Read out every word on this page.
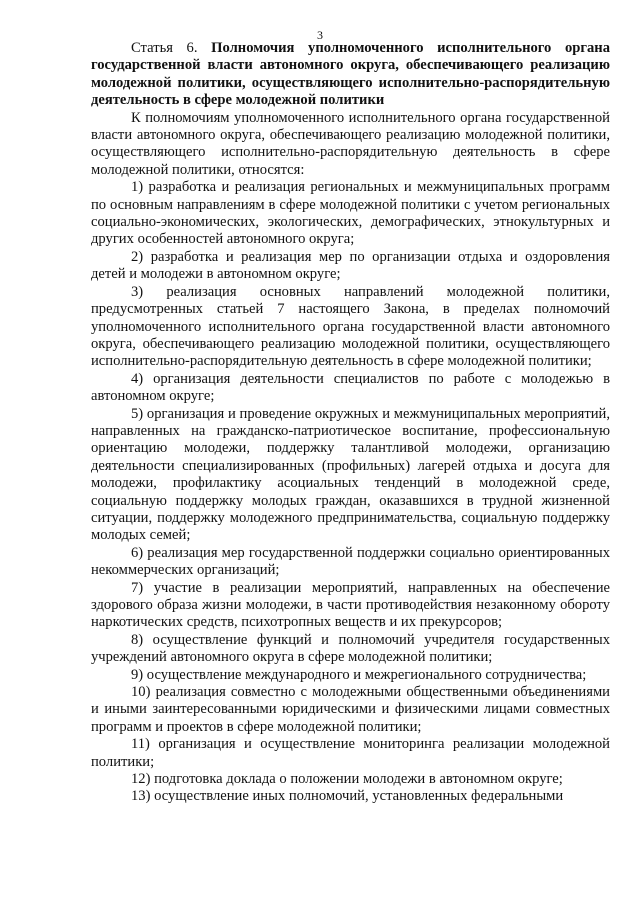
3

Статья 6. Полномочия уполномоченного исполнительного органа государственной власти автономного округа, обеспечивающего реализацию молодежной политики, осуществляющего исполнительно-распорядительную деятельность в сфере молодежной политики

К полномочиям уполномоченного исполнительного органа государственной власти автономного округа, обеспечивающего реализацию молодежной политики, осуществляющего исполнительно-распорядительную деятельность в сфере молодежной политики, относятся:

1) разработка и реализация региональных и межмуниципальных программ по основным направлениям в сфере молодежной политики с учетом региональных социально-экономических, экологических, демографических, этнокультурных и других особенностей автономного округа;

2) разработка и реализация мер по организации отдыха и оздоровления детей и молодежи в автономном округе;

3) реализация основных направлений молодежной политики, предусмотренных статьей 7 настоящего Закона, в пределах полномочий уполномоченного исполнительного органа государственной власти автономного округа, обеспечивающего реализацию молодежной политики, осуществляющего исполнительно-распорядительную деятельность в сфере молодежной политики;

4) организация деятельности специалистов по работе с молодежью в автономном округе;

5) организация и проведение окружных и межмуниципальных мероприятий, направленных на гражданско-патриотическое воспитание, профессиональную ориентацию молодежи, поддержку талантливой молодежи, организацию деятельности специализированных (профильных) лагерей отдыха и досуга для молодежи, профилактику асоциальных тенденций в молодежной среде, социальную поддержку молодых граждан, оказавшихся в трудной жизненной ситуации, поддержку молодежного предпринимательства, социальную поддержку молодых семей;

6) реализация мер государственной поддержки социально ориентированных некоммерческих организаций;

7) участие в реализации мероприятий, направленных на обеспечение здорового образа жизни молодежи, в части противодействия незаконному обороту наркотических средств, психотропных веществ и их прекурсоров;

8) осуществление функций и полномочий учредителя государственных учреждений автономного округа в сфере молодежной политики;

9) осуществление международного и межрегионального сотрудничества;

10) реализация совместно с молодежными общественными объединениями и иными заинтересованными юридическими и физическими лицами совместных программ и проектов в сфере молодежной политики;

11) организация и осуществление мониторинга реализации молодежной политики;

12) подготовка доклада о положении молодежи в автономном округе;

13) осуществление иных полномочий, установленных федеральными
